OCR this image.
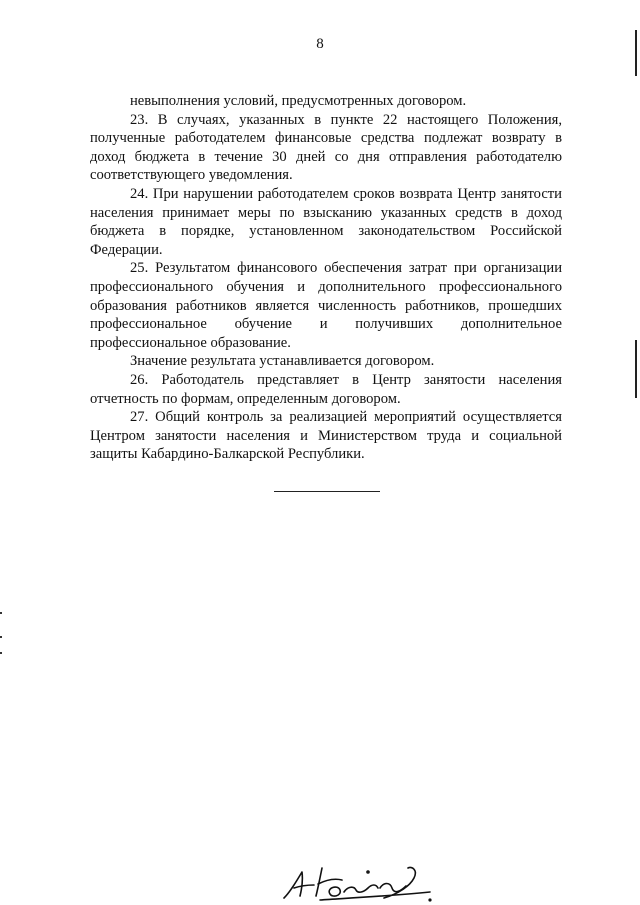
8

невыполнения условий, предусмотренных договором.

23. В случаях, указанных в пункте 22 настоящего Положения, полученные работодателем финансовые средства подлежат возврату в доход бюджета в течение 30 дней со дня отправления работодателю соответствующего уведомления.

24. При нарушении работодателем сроков возврата Центр занятости населения принимает меры по взысканию указанных средств в доход бюджета в порядке, установленном законодательством Российской Федерации.

25. Результатом финансового обеспечения затрат при организации профессионального обучения и дополнительного профессионального образования работников является численность работников, прошедших профессиональное обучение и получивших дополнительное профессиональное образование.

Значение результата устанавливается договором.

26. Работодатель представляет в Центр занятости населения отчетность по формам, определенным договором.

27. Общий контроль за реализацией мероприятий осуществляется Центром занятости населения и Министерством труда и социальной защиты Кабардино-Балкарской Республики.
